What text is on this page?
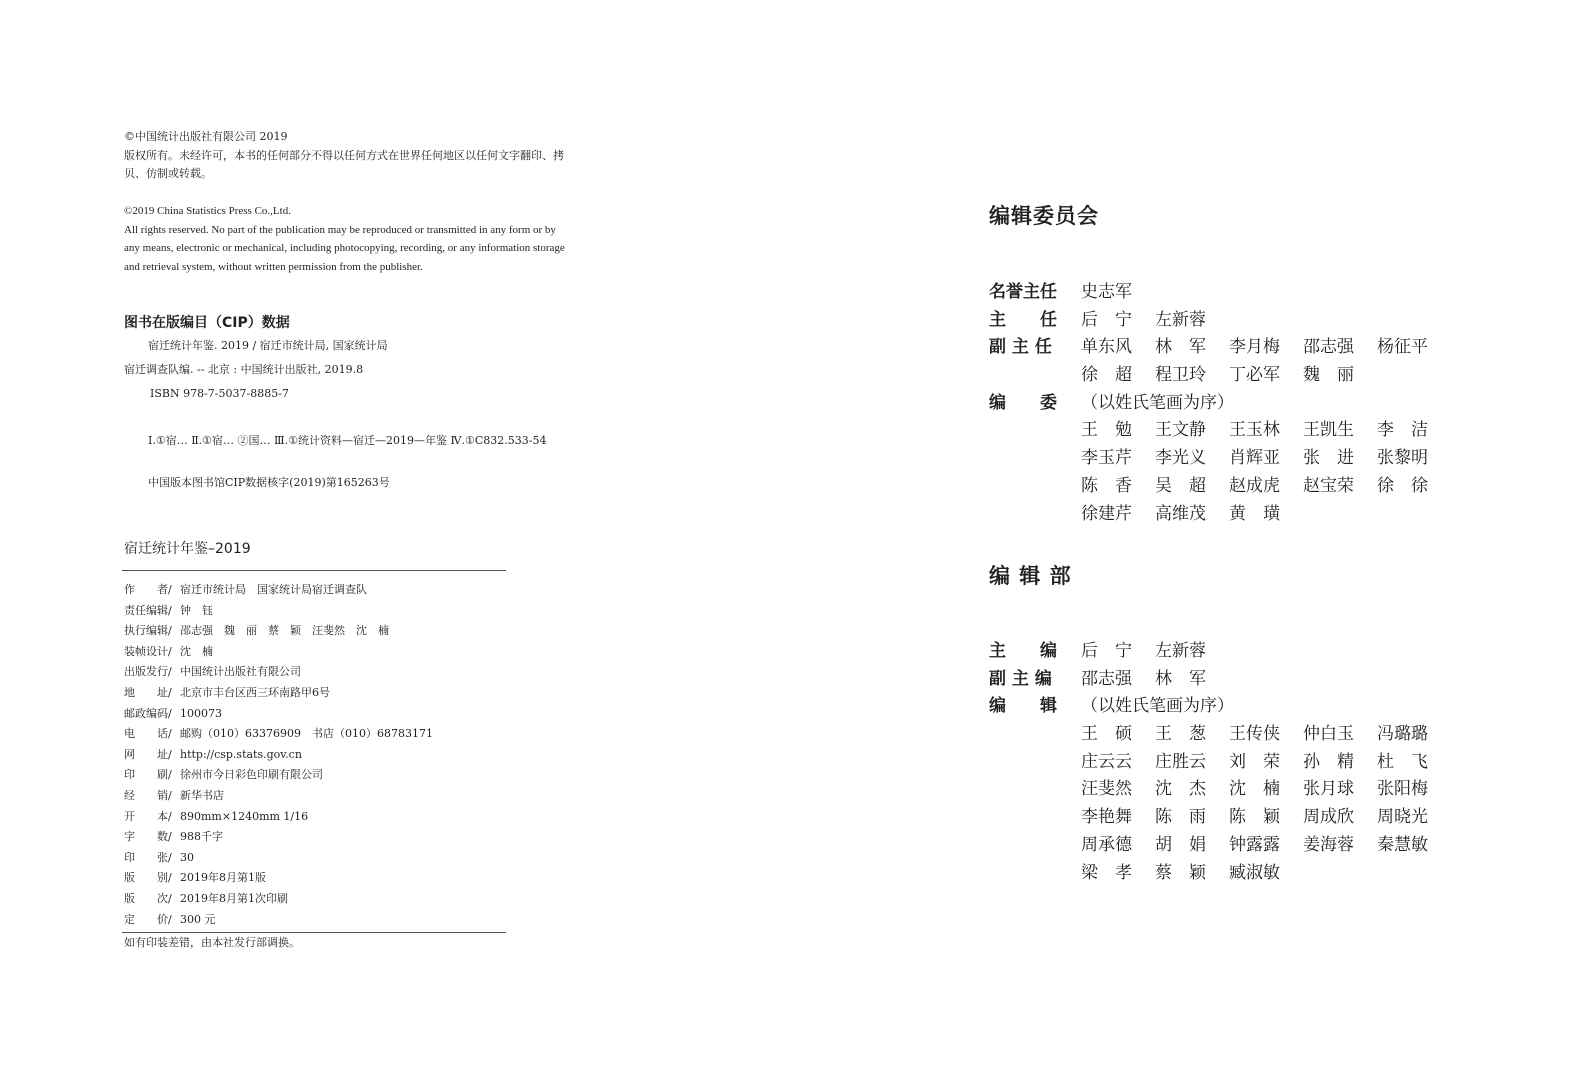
©中国统计出版社有限公司 2019
版权所有。未经许可，本书的任何部分不得以任何方式在世界任何地区以任何文字翻印、拷
贝、仿制或转载。
©2019 China Statistics Press Co.,Ltd.
All rights reserved. No part of the publication may be reproduced or transmitted in any form or by
any means, electronic or mechanical, including photocopying, recording, or any information storage
and retrieval system, without written permission from the publisher.
图书在版编目（CIP）数据
宿迁统计年鉴. 2019 / 宿迁市统计局, 国家统计局
宿迁调查队编. -- 北京 : 中国统计出版社, 2019.8
ISBN 978-7-5037-8885-7
Ⅰ.①宿… Ⅱ.①宿… ②国… Ⅲ.①统计资料—宿迁—2019—年鉴 Ⅳ.①C832.533-54
中国版本图书馆CIP数据核字(2019)第165263号
宿迁统计年鉴–2019
作　　者/ 宿迁市统计局　国家统计局宿迁调查队
责任编辑/ 钟　钰
执行编辑/ 邵志强　魏　丽　蔡　颖　汪斐然　沈　楠
装帧设计/ 沈　楠
出版发行/ 中国统计出版社有限公司
地　　址/ 北京市丰台区西三环南路甲6号
邮政编码/ 100073
电　　话/ 邮购（010）63376909　书店（010）68783171
网　　址/ http://csp.stats.gov.cn
印　　刷/ 徐州市今日彩色印刷有限公司
经　　销/ 新华书店
开　　本/ 890mm×1240mm 1/16
字　　数/ 988千字
印　　张/ 30
版　　别/ 2019年8月第1版
版　　次/ 2019年8月第1次印刷
定　　价/ 300 元
如有印装差错，由本社发行部调换。
编辑委员会
名誉主任	史志军
主　　任	后　宁	左新蓉
副 主 任	单东风	林　军	李月梅	邵志强	杨征平
徐　超	程卫玲	丁必军	魏　丽
编　　委	（以姓氏笔画为序）
王　勉	王文静	王玉林	王凯生	李　洁
李玉芹	李光义	肖辉亚	张　进	张黎明
陈　香	吴　超	赵成虎	赵宝荣	徐　徐
徐建芹	高维茂	黄　璜
编 辑 部
主　　编	后　宁	左新蓉
副 主 编	邵志强	林　军
编　　辑	（以姓氏笔画为序）
王　硕	王　葱	王传侠	仲白玉	冯璐璐
庄云云	庄胜云	刘　荣	孙　精	杜　飞
汪斐然	沈　杰	沈　楠	张月球	张阳梅
李艳舞	陈　雨	陈　颖	周成欣	周晓光
周承德	胡　娟	钟露露	姜海蓉	秦慧敏
梁　孝	蔡　颖	臧淑敏
